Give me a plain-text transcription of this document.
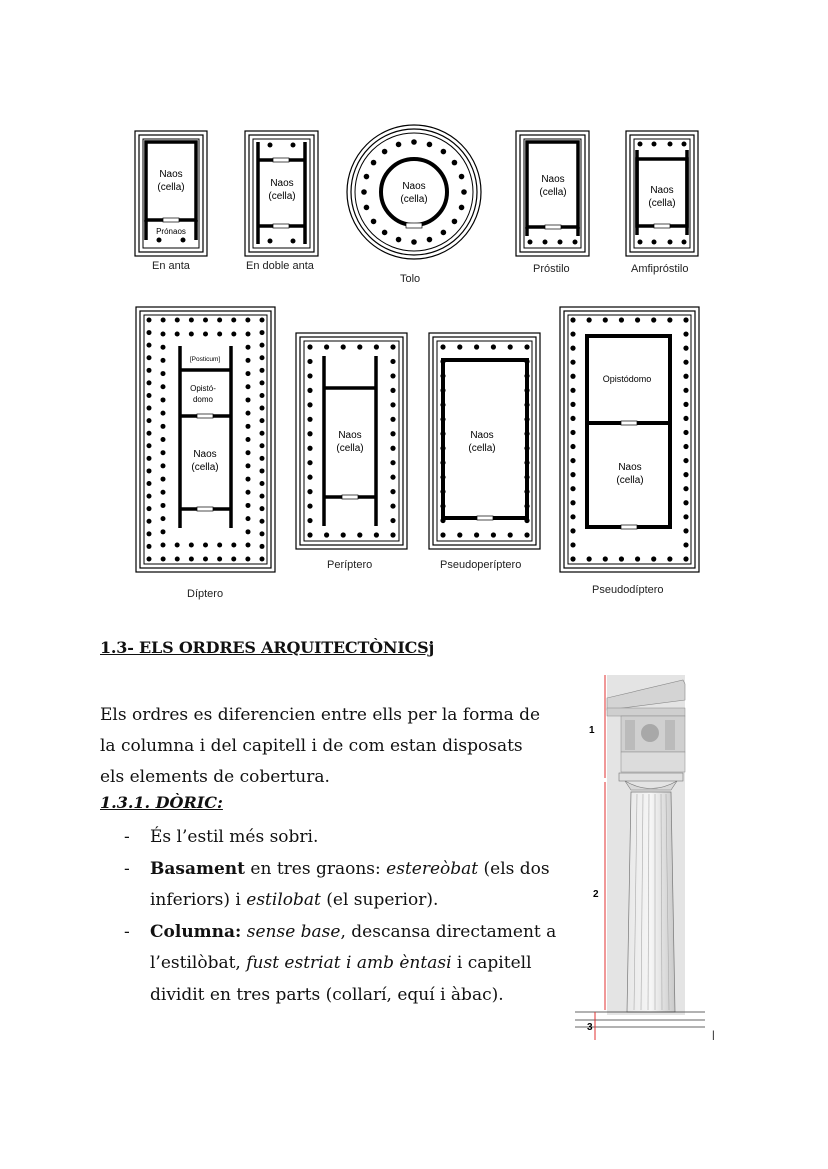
Naos
(cella)
Prónaos
Naos
(cella)
Naos
(cella)
Naos
(cella)	Naos
(cella)
En anta	En doble anta
Tolo
Próstilo	Amfipróstilo
[Posticum]
Opistó-
domo
Naos
(cella)
Naos
(cella)
Naos
(cella)
Opistódomo
Naos
(cella)
Díptero
Períptero	Pseudoperíptero
Pseudodíptero
1.3- ELS ORDRES ARQUITECTÒNICSj
Els ordres es diferencien entre ells per la forma de la columna i del capitell i de com estan disposats els elements de cobertura.
1.3.1. DÒRIC:
- És l’estil més sobri.
- Basament en tres graons: estereòbat (els dos inferiors) i estilobat (el superior).
- Columna: sense base, descansa directament a l’estilòbat, fust estriat i amb èntasi i capitell dividit en tres parts (collarí, equí i àbac).
1
2
3
|
